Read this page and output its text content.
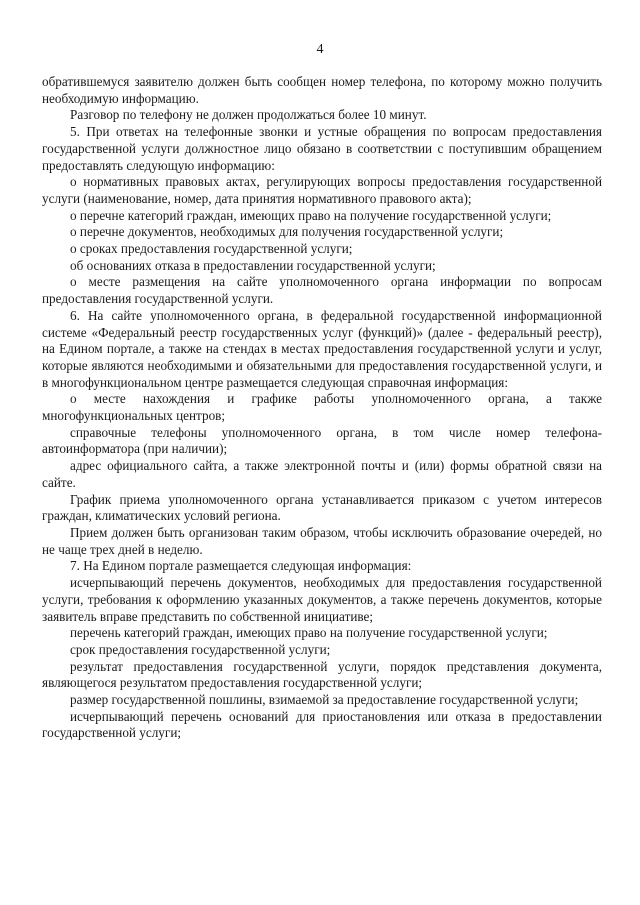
4

обратившемуся заявителю должен быть сообщен номер телефона, по которому можно получить необходимую информацию.

Разговор по телефону не должен продолжаться более 10 минут.

5. При ответах на телефонные звонки и устные обращения по вопросам предоставления государственной услуги должностное лицо обязано в соответствии с поступившим обращением предоставлять следующую информацию:

о нормативных правовых актах, регулирующих вопросы предоставления государственной услуги (наименование, номер, дата принятия нормативного правового акта);

о перечне категорий граждан, имеющих право на получение государственной услуги;

о перечне документов, необходимых для получения государственной услуги;

о сроках предоставления государственной услуги;

об основаниях отказа в предоставлении государственной услуги;

о месте размещения на сайте уполномоченного органа информации по вопросам предоставления государственной услуги.

6. На сайте уполномоченного органа, в федеральной государственной информационной системе «Федеральный реестр государственных услуг (функций)» (далее - федеральный реестр), на Едином портале, а также на стендах в местах предоставления государственной услуги и услуг, которые являются необходимыми и обязательными для предоставления государственной услуги, и в многофункциональном центре размещается следующая справочная информация:

о месте нахождения и графике работы уполномоченного органа, а также многофункциональных центров;

справочные телефоны уполномоченного органа, в том числе номер телефона-автоинформатора (при наличии);

адрес официального сайта, а также электронной почты и (или) формы обратной связи на сайте.

График приема уполномоченного органа устанавливается приказом с учетом интересов граждан, климатических условий региона.

Прием должен быть организован таким образом, чтобы исключить образование очередей, но не чаще трех дней в неделю.

7. На Едином портале размещается следующая информация:

исчерпывающий перечень документов, необходимых для предоставления государственной услуги, требования к оформлению указанных документов, а также перечень документов, которые заявитель вправе представить по собственной инициативе;

перечень категорий граждан, имеющих право на получение государственной услуги;

срок предоставления государственной услуги;

результат предоставления государственной услуги, порядок представления документа, являющегося результатом предоставления государственной услуги;

размер государственной пошлины, взимаемой за предоставление государственной услуги;

исчерпывающий перечень оснований для приостановления или отказа в предоставлении государственной услуги;
